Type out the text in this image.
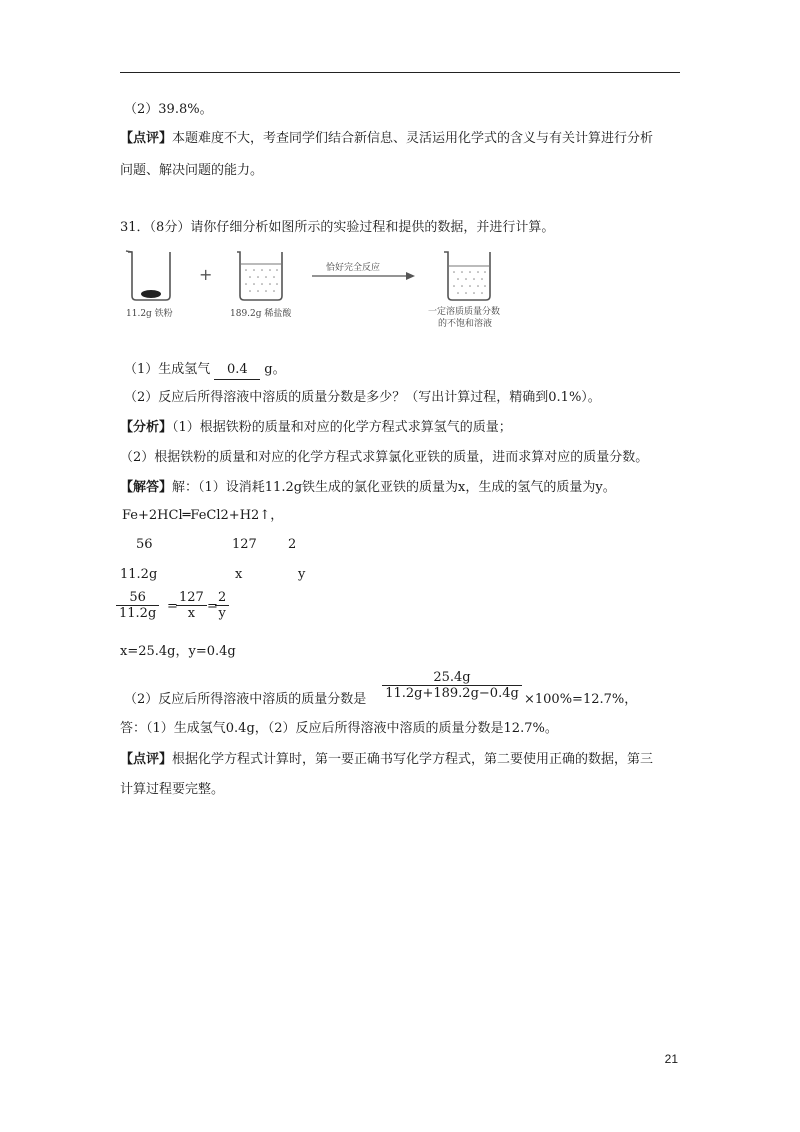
（2）39.8%。
【点评】本题难度不大，考查同学们结合新信息、灵活运用化学式的含义与有关计算进行分析
问题、解决问题的能力。
31．（8分）请你仔细分析如图所示的实验过程和提供的数据，并进行计算。
+
11.2g 铁粉	189.2g 稀盐酸
恰好完全反应
一定溶质质量分数
的不饱和溶液
（1）生成氢气 0.4 g。
（2）反应后所得溶液中溶质的质量分数是多少？（写出计算过程，精确到0.1%）。
【分析】（1）根据铁粉的质量和对应的化学方程式求算氢气的质量；
（2）根据铁粉的质量和对应的化学方程式求算氯化亚铁的质量，进而求算对应的质量分数。
【解答】解：（1）设消耗11.2g铁生成的氯化亚铁的质量为x，生成的氢气的质量为y。
Fe+2HCl═FeCl2+H2↑，
56	127 2
11.2g	x	y
$\frac{56}{11.2g}$ =
$\frac{127}{x}$ =
$\frac{2}{y}$
x=25.4g，y=0.4g
（2）反应后所得溶液中溶质的质量分数是 $\frac{25.4g}{11.2g+189.2g-0.4g} \times 100\%=12.7\%$，
答：（1）生成氢气0.4g，（2）反应后所得溶液中溶质的质量分数是12.7%。
【点评】根据化学方程式计算时，第一要正确书写化学方程式，第二要使用正确的数据，第三
计算过程要完整。
21
